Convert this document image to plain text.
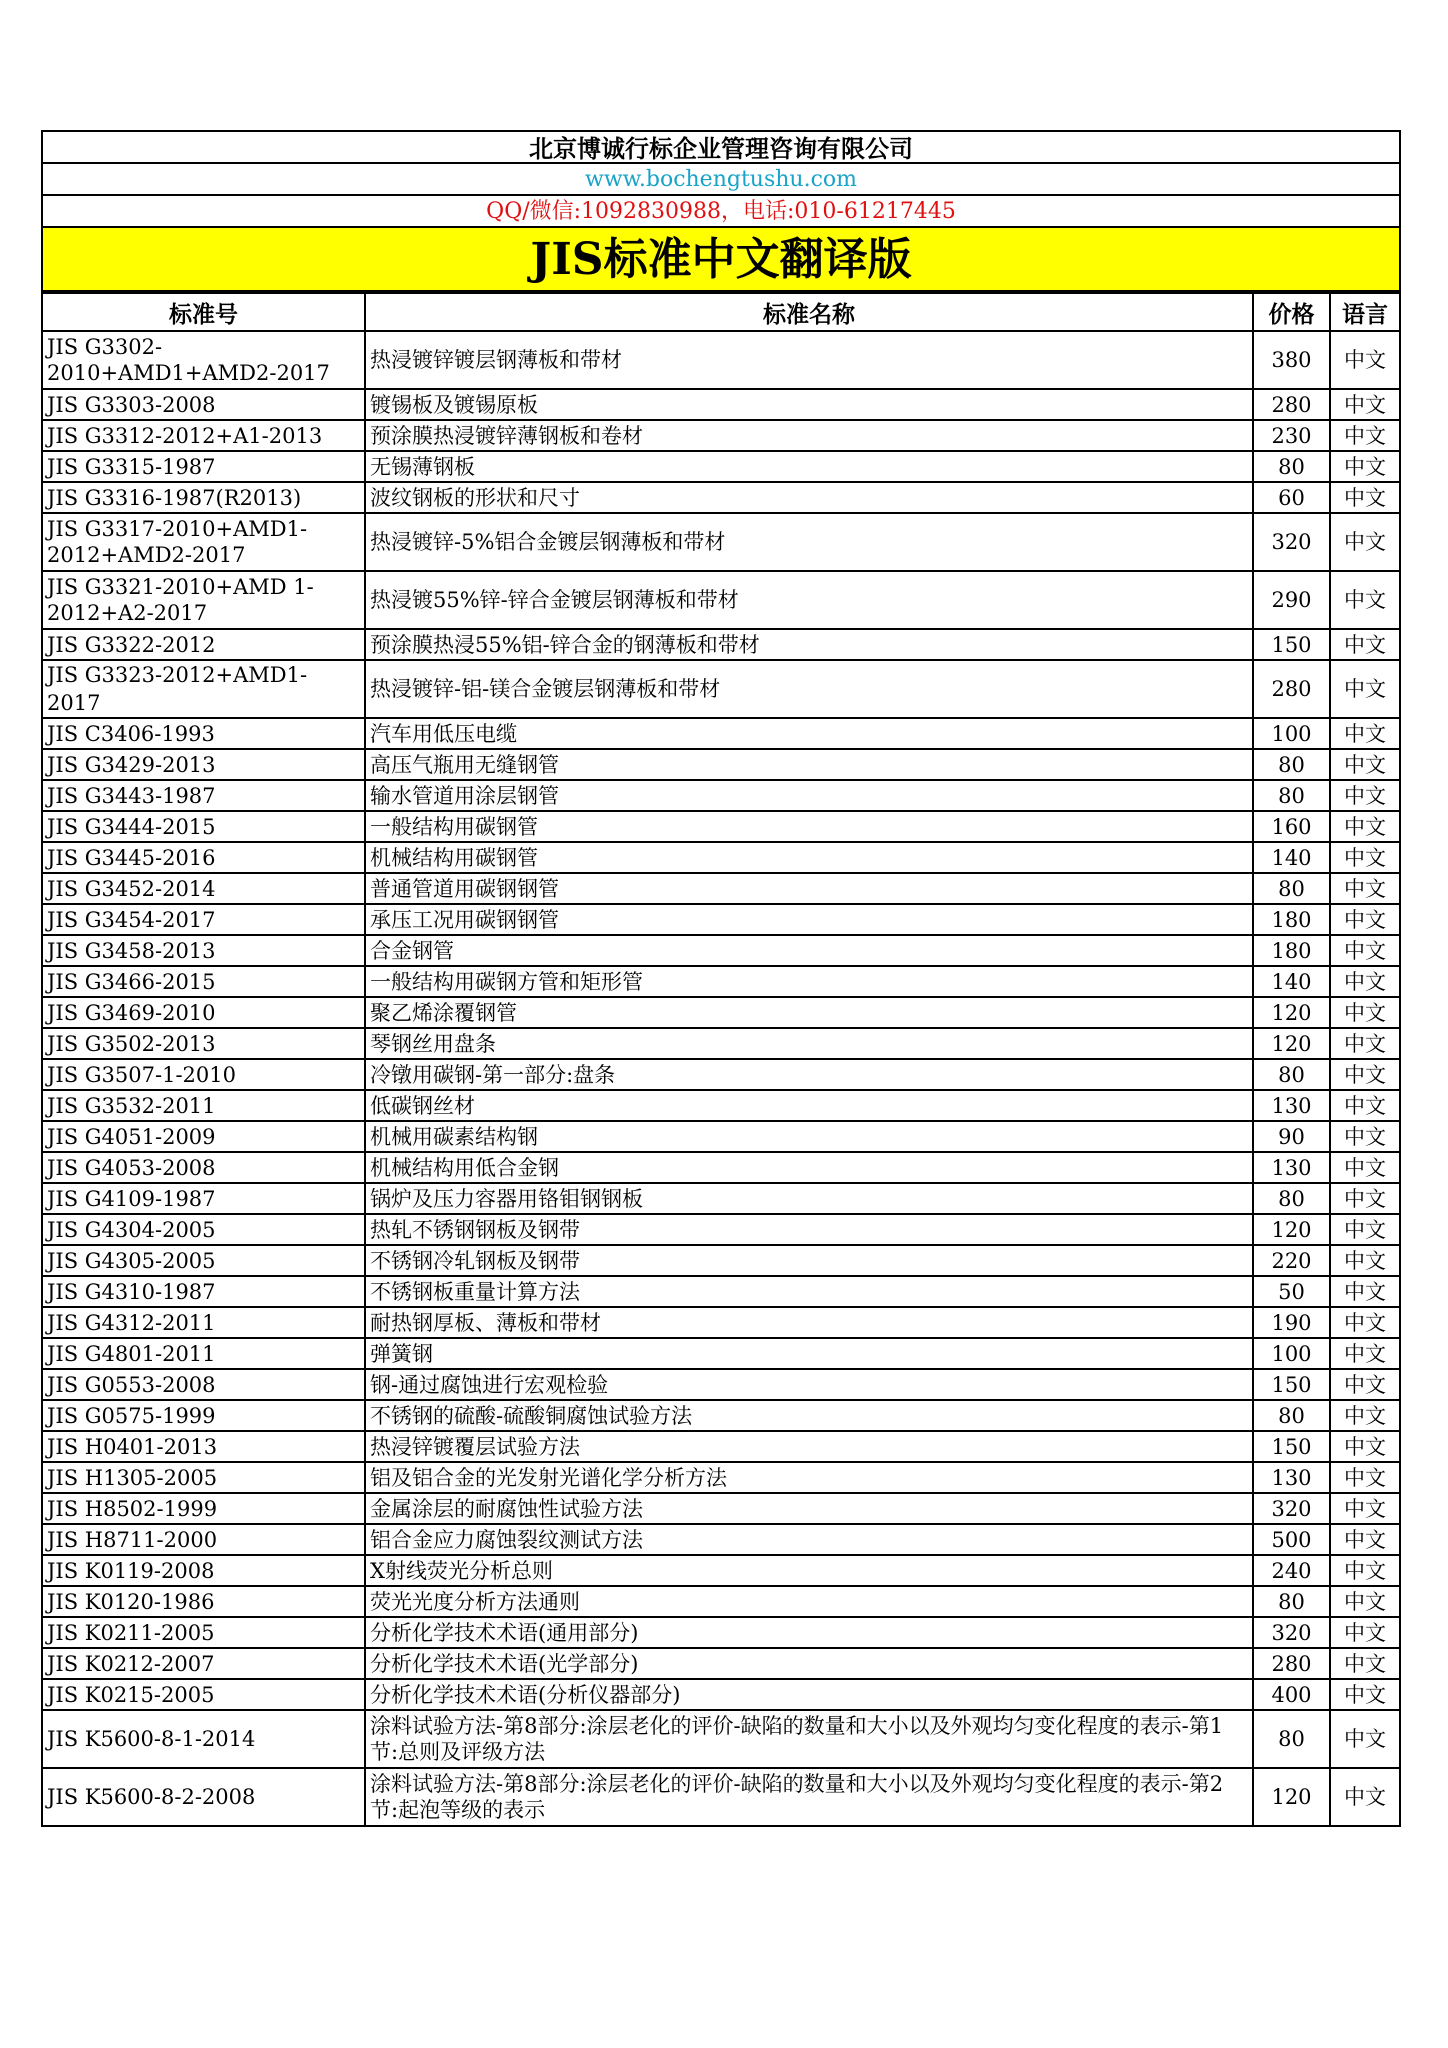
北京博诚行标企业管理咨询有限公司
www.bochengtushu.com
QQ/微信:1092830988，电话:010-61217445
JIS标准中文翻译版
标准号	标准名称	价格	语言
JIS G3302-2010+AMD1+AMD2-2017	热浸镀锌镀层钢薄板和带材	380	中文
JIS G3303-2008	镀锡板及镀锡原板	280	中文
JIS G3312-2012+A1-2013	预涂膜热浸镀锌薄钢板和卷材	230	中文
JIS G3315-1987	无锡薄钢板	80	中文
JIS G3316-1987(R2013)	波纹钢板的形状和尺寸	60	中文
JIS G3317-2010+AMD1-2012+AMD2-2017	热浸镀锌-5%铝合金镀层钢薄板和带材	320	中文
JIS G3321-2010+AMD 1-2012+A2-2017	热浸镀55%锌-锌合金镀层钢薄板和带材	290	中文
JIS G3322-2012	预涂膜热浸55%铝-锌合金的钢薄板和带材	150	中文
JIS G3323-2012+AMD1-2017	热浸镀锌-铝-镁合金镀层钢薄板和带材	280	中文
JIS C3406-1993	汽车用低压电缆	100	中文
JIS G3429-2013	高压气瓶用无缝钢管	80	中文
JIS G3443-1987	输水管道用涂层钢管	80	中文
JIS G3444-2015	一般结构用碳钢管	160	中文
JIS G3445-2016	机械结构用碳钢管	140	中文
JIS G3452-2014	普通管道用碳钢钢管	80	中文
JIS G3454-2017	承压工况用碳钢钢管	180	中文
JIS G3458-2013	合金钢管	180	中文
JIS G3466-2015	一般结构用碳钢方管和矩形管	140	中文
JIS G3469-2010	聚乙烯涂覆钢管	120	中文
JIS G3502-2013	琴钢丝用盘条	120	中文
JIS G3507-1-2010	冷镦用碳钢-第一部分:盘条	80	中文
JIS G3532-2011	低碳钢丝材	130	中文
JIS G4051-2009	机械用碳素结构钢	90	中文
JIS G4053-2008	机械结构用低合金钢	130	中文
JIS G4109-1987	锅炉及压力容器用铬钼钢钢板	80	中文
JIS G4304-2005	热轧不锈钢钢板及钢带	120	中文
JIS G4305-2005	不锈钢冷轧钢板及钢带	220	中文
JIS G4310-1987	不锈钢板重量计算方法	50	中文
JIS G4312-2011	耐热钢厚板、薄板和带材	190	中文
JIS G4801-2011	弹簧钢	100	中文
JIS G0553-2008	钢-通过腐蚀进行宏观检验	150	中文
JIS G0575-1999	不锈钢的硫酸-硫酸铜腐蚀试验方法	80	中文
JIS H0401-2013	热浸锌镀覆层试验方法	150	中文
JIS H1305-2005	铝及铝合金的光发射光谱化学分析方法	130	中文
JIS H8502-1999	金属涂层的耐腐蚀性试验方法	320	中文
JIS H8711-2000	铝合金应力腐蚀裂纹测试方法	500	中文
JIS K0119-2008	X射线荧光分析总则	240	中文
JIS K0120-1986	荧光光度分析方法通则	80	中文
JIS K0211-2005	分析化学技术术语(通用部分)	320	中文
JIS K0212-2007	分析化学技术术语(光学部分)	280	中文
JIS K0215-2005	分析化学技术术语(分析仪器部分)	400	中文
JIS K5600-8-1-2014	涂料试验方法-第8部分:涂层老化的评价-缺陷的数量和大小以及外观均匀变化程度的表示-第1节:总则及评级方法	80	中文
JIS K5600-8-2-2008	涂料试验方法-第8部分:涂层老化的评价-缺陷的数量和大小以及外观均匀变化程度的表示-第2节:起泡等级的表示	120	中文
